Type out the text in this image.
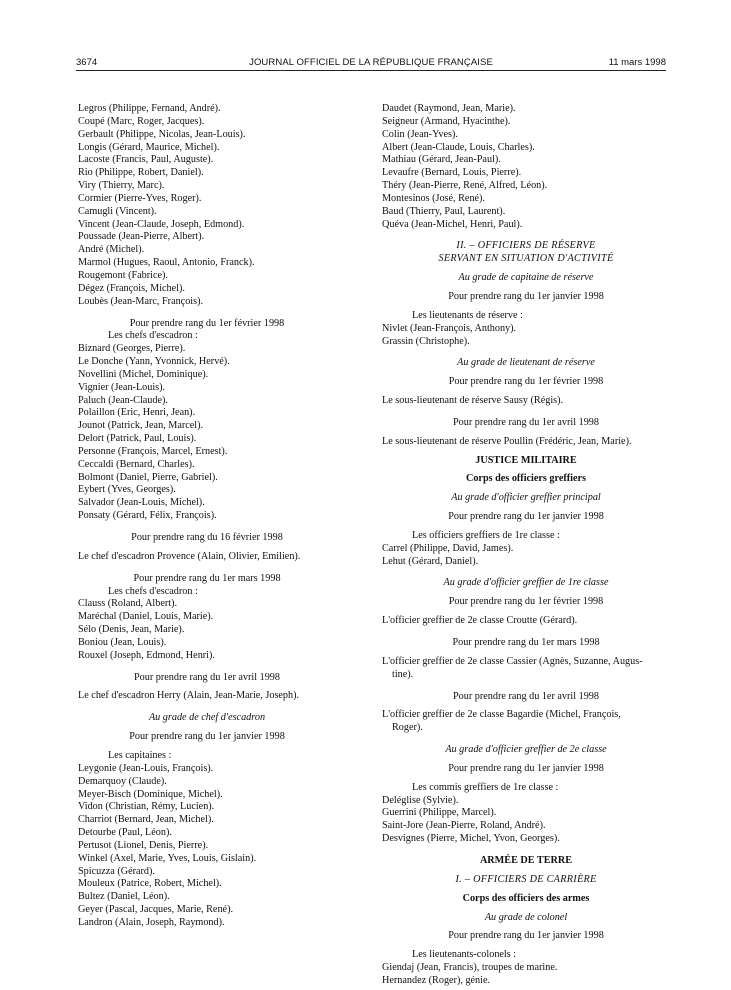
3674	JOURNAL OFFICIEL DE LA RÉPUBLIQUE FRANÇAISE	11 mars 1998
Legros (Philippe, Fernand, André).
Coupé (Marc, Roger, Jacques).
Gerbault (Philippe, Nicolas, Jean-Louis).
Longis (Gérard, Maurice, Michel).
Lacoste (Francis, Paul, Auguste).
Rio (Philippe, Robert, Daniel).
Viry (Thierry, Marc).
Cormier (Pierre-Yves, Roger).
Camugli (Vincent).
Vincent (Jean-Claude, Joseph, Edmond).
Poussade (Jean-Pierre, Albert).
André (Michel).
Marmol (Hugues, Raoul, Antonio, Franck).
Rougemont (Fabrice).
Dégez (François, Michel).
Loubès (Jean-Marc, François).
Pour prendre rang du 1er février 1998
Les chefs d'escadron :
Biznard (Georges, Pierre).
Le Donche (Yann, Yvonnick, Hervé).
Novellini (Michel, Dominique).
Vignier (Jean-Louis).
Paluch (Jean-Claude).
Polaillon (Eric, Henri, Jean).
Jounot (Patrick, Jean, Marcel).
Delort (Patrick, Paul, Louis).
Personne (François, Marcel, Ernest).
Ceccaldi (Bernard, Charles).
Bolmont (Daniel, Pierre, Gabriel).
Eybert (Yves, Georges).
Salvador (Jean-Louis, Michel).
Ponsaty (Gérard, Félix, François).
Pour prendre rang du 16 février 1998
Le chef d'escadron Provence (Alain, Olivier, Emilien).
Pour prendre rang du 1er mars 1998
Les chefs d'escadron :
Clauss (Roland, Albert).
Maréchal (Daniel, Louis, Marie).
Sélo (Denis, Jean, Marie).
Boniou (Jean, Louis).
Rouxel (Joseph, Edmond, Henri).
Pour prendre rang du 1er avril 1998
Le chef d'escadron Herry (Alain, Jean-Marie, Joseph).
Au grade de chef d'escadron
Pour prendre rang du 1er janvier 1998
Les capitaines :
Leygonie (Jean-Louis, François).
Demarquoy (Claude).
Meyer-Bisch (Dominique, Michel).
Vidon (Christian, Rémy, Lucien).
Charriot (Bernard, Jean, Michel).
Detourbe (Paul, Léon).
Pertusot (Lionel, Denis, Pierre).
Winkel (Axel, Marie, Yves, Louis, Gislain).
Spicuzza (Gérard).
Mouleux (Patrice, Robert, Michel).
Bultez (Daniel, Léon).
Geyer (Pascal, Jacques, Marie, René).
Landron (Alain, Joseph, Raymond).
Daudet (Raymond, Jean, Marie).
Seigneur (Armand, Hyacinthe).
Colin (Jean-Yves).
Albert (Jean-Claude, Louis, Charles).
Mathiau (Gérard, Jean-Paul).
Levaufre (Bernard, Louis, Pierre).
Théry (Jean-Pierre, René, Alfred, Léon).
Montesinos (José, René).
Baud (Thierry, Paul, Laurent).
Quéva (Jean-Michel, Henri, Paul).
II. – OFFICIERS DE RÉSERVE
SERVANT EN SITUATION D'ACTIVITÉ
Au grade de capitaine de réserve
Pour prendre rang du 1er janvier 1998
Les lieutenants de réserve :
Nivlet (Jean-François, Anthony).
Grassin (Christophe).
Au grade de lieutenant de réserve
Pour prendre rang du 1er février 1998
Le sous-lieutenant de réserve Sausy (Régis).
Pour prendre rang du 1er avril 1998
Le sous-lieutenant de réserve Poullin (Frédéric, Jean, Marie).
JUSTICE MILITAIRE
Corps des officiers greffiers
Au grade d'officier greffier principal
Pour prendre rang du 1er janvier 1998
Les officiers greffiers de 1re classe :
Carrel (Philippe, David, James).
Lehut (Gérard, Daniel).
Au grade d'officier greffier de 1re classe
Pour prendre rang du 1er février 1998
L'officier greffier de 2e classe Croutte (Gérard).
Pour prendre rang du 1er mars 1998
L'officier greffier de 2e classe Cassier (Agnès, Suzanne, Augus-
tine).
Pour prendre rang du 1er avril 1998
L'officier greffier de 2e classe Bagardie (Michel, François,
Roger).
Au grade d'officier greffier de 2e classe
Pour prendre rang du 1er janvier 1998
Les commis greffiers de 1re classe :
Deléglise (Sylvie).
Guerrini (Philippe, Marcel).
Saint-Jore (Jean-Pierre, Roland, André).
Desvignes (Pierre, Michel, Yvon, Georges).
ARMÉE DE TERRE
I. – OFFICIERS DE CARRIÈRE
Corps des officiers des armes
Au grade de colonel
Pour prendre rang du 1er janvier 1998
Les lieutenants-colonels :
Giendaj (Jean, Francis), troupes de marine.
Hernandez (Roger), génie.
